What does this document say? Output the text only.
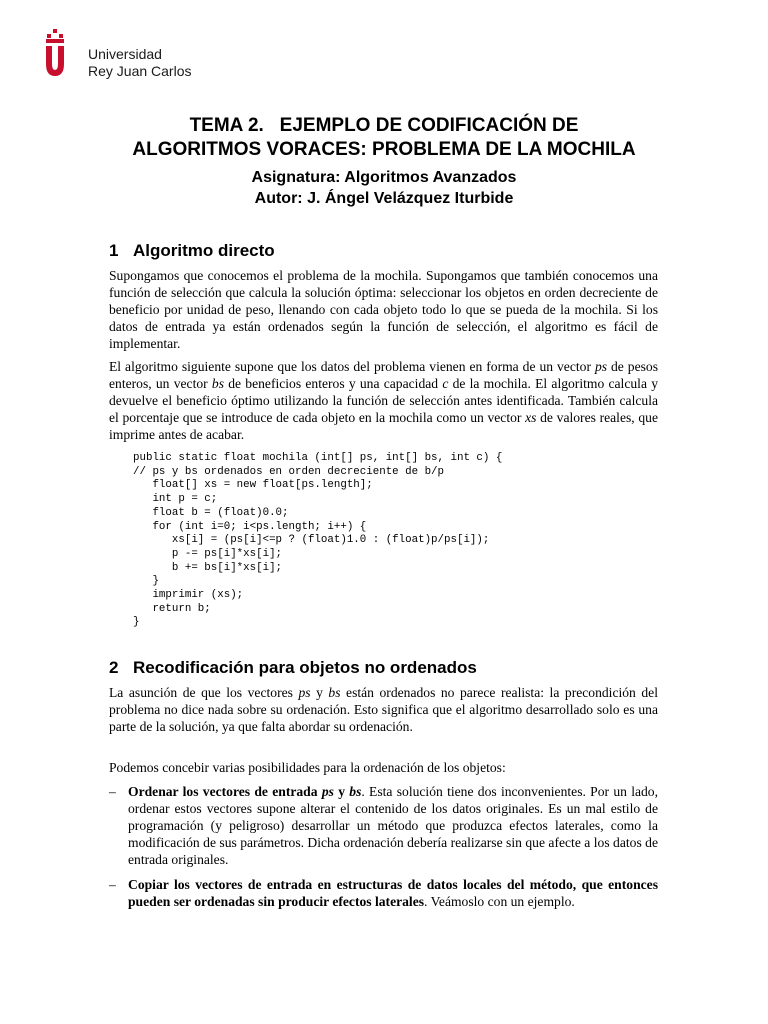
Universidad
Rey Juan Carlos
TEMA 2.   EJEMPLO DE CODIFICACIÓN DE
ALGORITMOS VORACES: PROBLEMA DE LA MOCHILA
Asignatura: Algoritmos Avanzados
Autor: J. Ángel Velázquez Iturbide
1 Algoritmo directo

Supongamos que conocemos el problema de la mochila. Supongamos que también conocemos una función de selección que calcula la solución óptima: seleccionar los objetos en orden decreciente de beneficio por unidad de peso, llenando con cada objeto todo lo que se pueda de la mochila. Si los datos de entrada ya están ordenados según la función de selección, el algoritmo es fácil de implementar.

El algoritmo siguiente supone que los datos del problema vienen en forma de un vector ps de pesos enteros, un vector bs de beneficios enteros y una capacidad c de la mochila. El algoritmo calcula y devuelve el beneficio óptimo utilizando la función de selección antes identificada. También calcula el porcentaje que se introduce de cada objeto en la mochila como un vector xs de valores reales, que imprime antes de acabar.

public static float mochila (int[] ps, int[] bs, int c) {
// ps y bs ordenados en orden decreciente de b/p
float[] xs = new float[ps.length];
int p = c;
float b = (float)0.0;
for (int i=0; i<ps.length; i++) {
xs[i] = (ps[i]<=p ? (float)1.0 : (float)p/ps[i]);
p -= ps[i]*xs[i];
b += bs[i]*xs[i];
}
imprimir (xs);
return b;
}
2 Recodificación para objetos no ordenados

La asunción de que los vectores ps y bs están ordenados no parece realista: la precondición del problema no dice nada sobre su ordenación. Esto significa que el algoritmo desarrollado solo es una parte de la solución, ya que falta abordar su ordenación.

Podemos concebir varias posibilidades para la ordenación de los objetos:

– Ordenar los vectores de entrada ps y bs. Esta solución tiene dos inconvenientes. Por un lado, ordenar estos vectores supone alterar el contenido de los datos originales. Es un mal estilo de programación (y peligroso) desarrollar un método que produzca efectos laterales, como la modificación de sus parámetros. Dicha ordenación debería realizarse sin que afecte a los datos de entrada originales.
– Copiar los vectores de entrada en estructuras de datos locales del método, que entonces pueden ser ordenadas sin producir efectos laterales. Veámoslo con un ejemplo.
